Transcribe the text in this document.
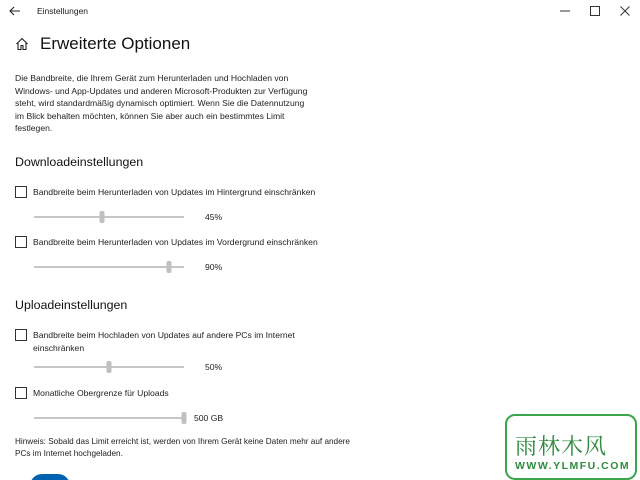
Einstellungen
Erweiterte Optionen

Die Bandbreite, die Ihrem Gerät zum Herunterladen und Hochladen von Windows- und App-Updates und anderen Microsoft-Produkten zur Verfügung steht, wird standardmäßig dynamisch optimiert. Wenn Sie die Datennutzung im Blick behalten möchten, können Sie aber auch ein bestimmtes Limit festlegen.

Downloadeinstellungen
Bandbreite beim Herunterladen von Updates im Hintergrund einschränken
45%
Bandbreite beim Herunterladen von Updates im Vordergrund einschränken
90%
Uploadeinstellungen
Bandbreite beim Hochladen von Updates auf andere PCs im Internet einschränken
50%
Monatliche Obergrenze für Uploads
500 GB

Hinweis: Sobald das Limit erreicht ist, werden von Ihrem Gerät keine Daten mehr auf andere PCs im Internet hochgeladen.	雨林木风
WWW.YLMFU.COM
